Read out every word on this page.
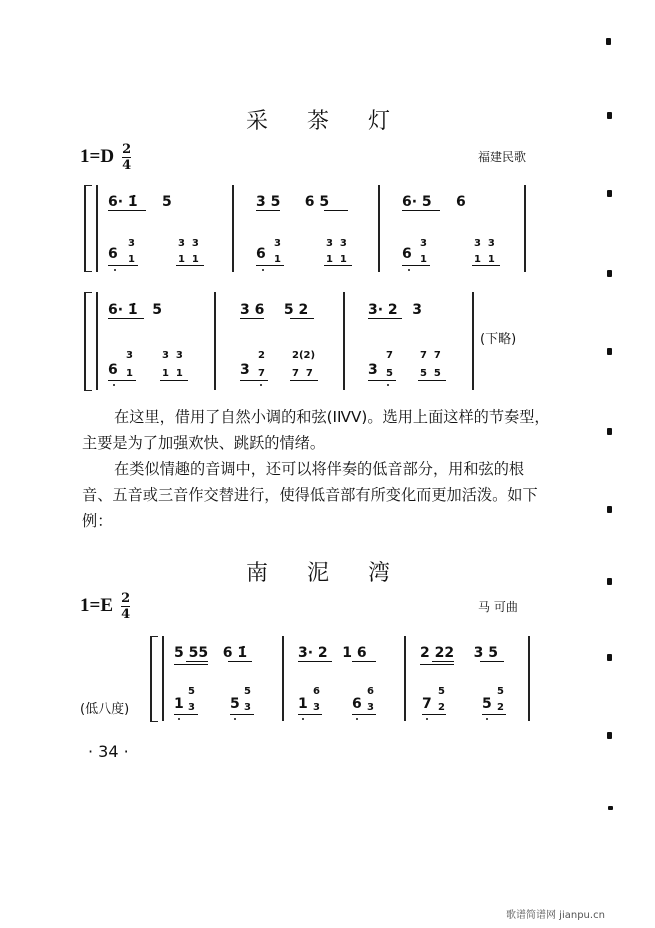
采 茶 灯
$1=D \frac{2}{4}$	福建民歌
6· 1̇     5	3 5     6 5	6· 5     6
6
3
1
3  3
1  1	6
3
1
3  3
1  1	6
3
1
3  3
1  1
6· 1̇   5	3 6    5 2	3· 2   3
6
3
1
3  3
1  1	3
2
7
2(2)
7  7	3
7
5
7  7
5  5
(下略)
在这里，借用了自然小调的和弦(ⅠⅣⅤ)。选用上面这样的节奏型，主要是为了加强欢快、跳跃的情绪。
在类似情趣的音调中，还可以将伴奏的低音部分，用和弦的根音、五音或三音作交替进行，使得低音部有所变化而更加活泼。如下例：
南 泥 湾
$1=E \frac{2}{4}$	马 可曲
(低八度)
5 55   6 1̇	3· 2   1 6	2 22    3 5
1
5
3	5
5
3	1
6
3 6
6
3	7
5
2	5
5
2
· 34 ·
歌谱简谱网 jianpu.cn
